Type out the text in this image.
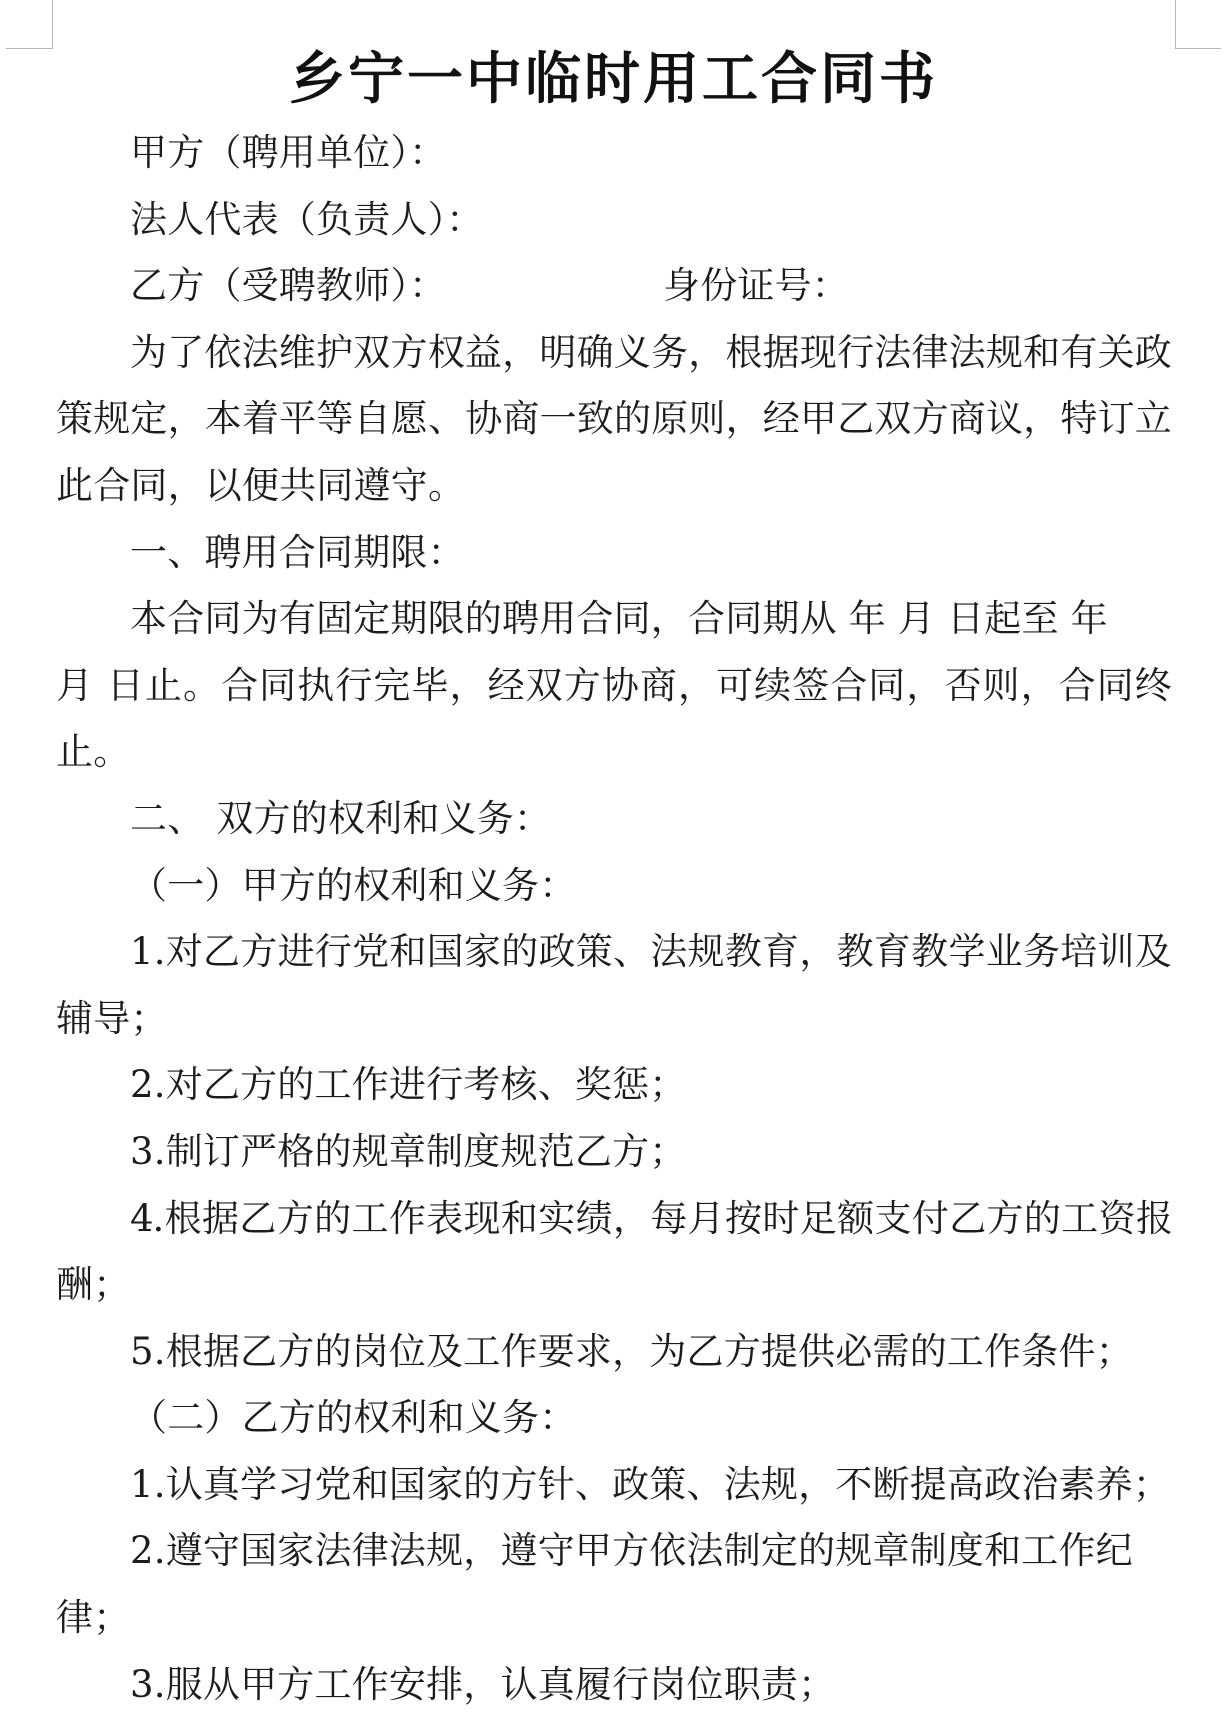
乡宁一中临时用工合同书
甲方（聘用单位）：
法人代表（负责人）：
乙方（受聘教师）：	身份证号：
为了依法维护双方权益，明确义务，根据现行法律法规和有关政
策规定，本着平等自愿、协商一致的原则，经甲乙双方商议，特订立
此合同，以便共同遵守。
一、聘用合同期限：
本合同为有固定期限的聘用合同，合同期从 年 月 日起至 年
月 日止。合同执行完毕，经双方协商，可续签合同，否则，合同终
止。
二、 双方的权利和义务：
（一）甲方的权利和义务：
1.对乙方进行党和国家的政策、法规教育，教育教学业务培训及
辅导；
2.对乙方的工作进行考核、奖惩；
3.制订严格的规章制度规范乙方；
4.根据乙方的工作表现和实绩，每月按时足额支付乙方的工资报
酬；
5.根据乙方的岗位及工作要求，为乙方提供必需的工作条件；
（二）乙方的权利和义务：
1.认真学习党和国家的方针、政策、法规，不断提高政治素养；
2.遵守国家法律法规，遵守甲方依法制定的规章制度和工作纪
律；
3.服从甲方工作安排，认真履行岗位职责；
